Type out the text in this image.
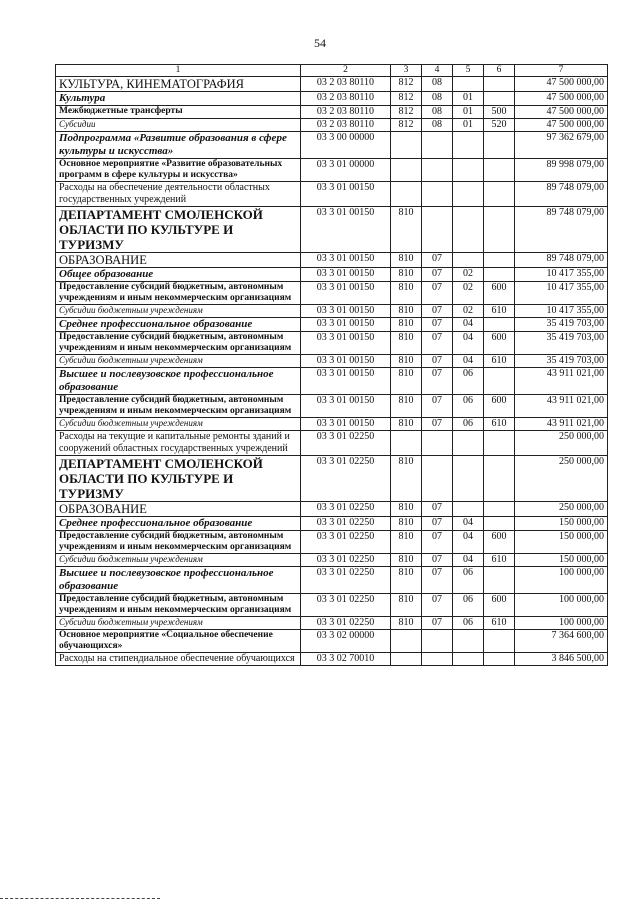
54
1	2	3	4	5	6	7
КУЛЬТУРА, КИНЕМАТОГРАФИЯ	03 2 03 80110	812	08			47 500 000,00
Культура	03 2 03 80110	812	08	01		47 500 000,00
Межбюджетные трансферты	03 2 03 80110	812	08	01	500	47 500 000,00
Субсидии	03 2 03 80110	812	08	01	520	47 500 000,00
Подпрограмма «Развитие образования в сфере культуры и искусства»	03 3 00 00000					97 362 679,00
Основное мероприятие «Развитие образовательных программ в сфере культуры и искусства»	03 3 01 00000					89 998 079,00
Расходы на обеспечение деятельности областных государственных учреждений	03 3 01 00150					89 748 079,00
ДЕПАРТАМЕНТ СМОЛЕНСКОЙ ОБЛАСТИ ПО КУЛЬТУРЕ И ТУРИЗМУ	03 3 01 00150	810				89 748 079,00
ОБРАЗОВАНИЕ	03 3 01 00150	810	07			89 748 079,00
Общее образование	03 3 01 00150	810	07	02		10 417 355,00
Предоставление субсидий бюджетным, автономным учреждениям и иным некоммерческим организациям	03 3 01 00150	810	07	02	600	10 417 355,00
Субсидии бюджетным учреждениям	03 3 01 00150	810	07	02	610	10 417 355,00
Среднее профессиональное образование	03 3 01 00150	810	07	04		35 419 703,00
Предоставление субсидий бюджетным, автономным учреждениям и иным некоммерческим организациям	03 3 01 00150	810	07	04	600	35 419 703,00
Субсидии бюджетным учреждениям	03 3 01 00150	810	07	04	610	35 419 703,00
Высшее и послевузовское профессиональное образование	03 3 01 00150	810	07	06		43 911 021,00
Предоставление субсидий бюджетным, автономным учреждениям и иным некоммерческим организациям	03 3 01 00150	810	07	06	600	43 911 021,00
Субсидии бюджетным учреждениям	03 3 01 00150	810	07	06	610	43 911 021,00
Расходы на текущие и капитальные ремонты зданий и сооружений областных государственных учреждений	03 3 01 02250					250 000,00
ДЕПАРТАМЕНТ СМОЛЕНСКОЙ ОБЛАСТИ ПО КУЛЬТУРЕ И ТУРИЗМУ	03 3 01 02250	810				250 000,00
ОБРАЗОВАНИЕ	03 3 01 02250	810	07			250 000,00
Среднее профессиональное образование	03 3 01 02250	810	07	04		150 000,00
Предоставление субсидий бюджетным, автономным учреждениям и иным некоммерческим организациям	03 3 01 02250	810	07	04	600	150 000,00
Субсидии бюджетным учреждениям	03 3 01 02250	810	07	04	610	150 000,00
Высшее и послевузовское профессиональное образование	03 3 01 02250	810	07	06		100 000,00
Предоставление субсидий бюджетным, автономным учреждениям и иным некоммерческим организациям	03 3 01 02250	810	07	06	600	100 000,00
Субсидии бюджетным учреждениям	03 3 01 02250	810	07	06	610	100 000,00
Основное мероприятие «Социальное обеспечение обучающихся»	03 3 02 00000					7 364 600,00
Расходы на стипендиальное обеспечение обучающихся	03 3 02 70010					3 846 500,00
